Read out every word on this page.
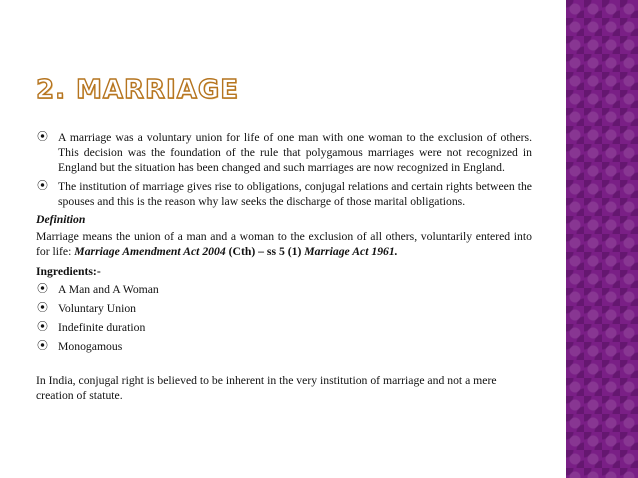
2. MARRIAGE
⦿ A marriage was a voluntary union for life of one man with one woman to the exclusion of others. This decision was the foundation of the rule that polygamous marriages were not recognized in England but the situation has been changed and such marriages are now recognized in England.
⦿ The institution of marriage gives rise to obligations, conjugal relations and certain rights between the spouses and this is the reason why law seeks the discharge of those marital obligations.
Definition
Marriage means the union of a man and a woman to the exclusion of all others, voluntarily entered into for life: Marriage Amendment Act 2004 (Cth) – ss 5 (1) Marriage Act 1961.
Ingredients:-
⦿ A Man and A Woman
⦿ Voluntary Union
⦿ Indefinite duration
⦿ Monogamous
In India, conjugal right is believed to be inherent in the very institution of marriage and not a mere creation of statute.
